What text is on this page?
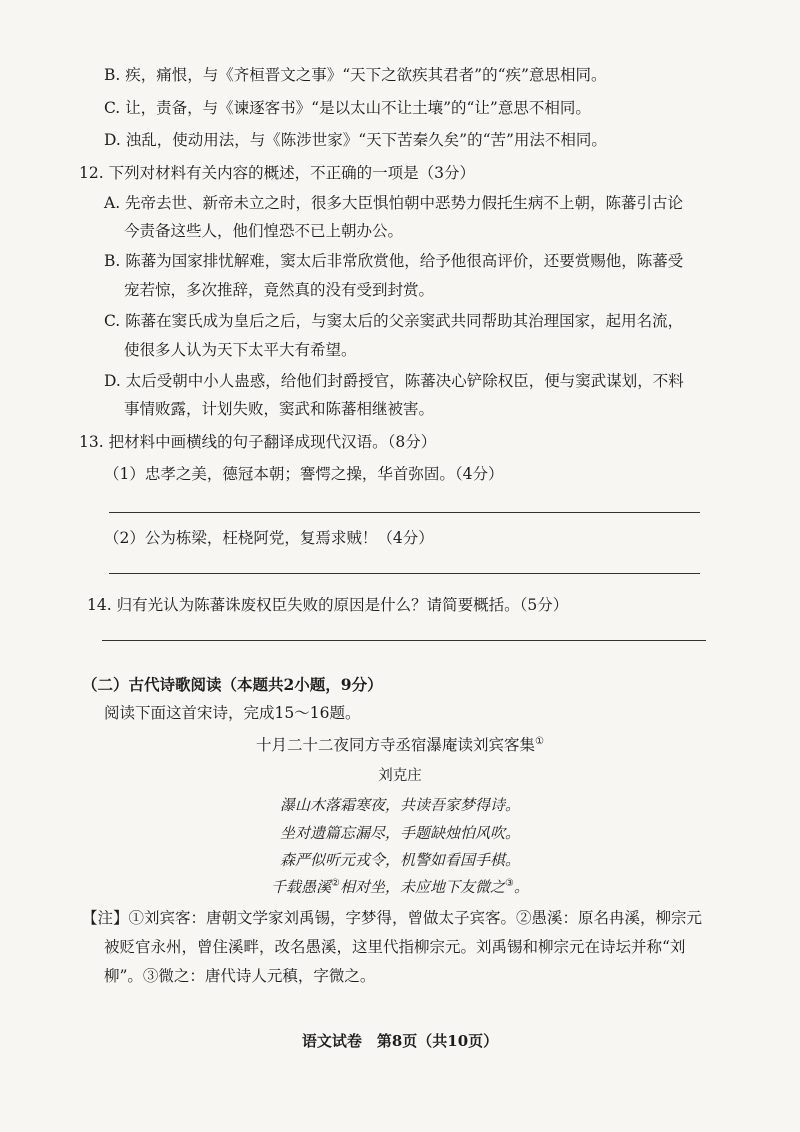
B. 疾，痛恨，与《齐桓晋文之事》“天下之欲疾其君者”的“疾”意思相同。
C. 让，责备，与《谏逐客书》“是以太山不让土壤”的“让”意思不相同。
D. 浊乱，使动用法，与《陈涉世家》“天下苦秦久矣”的“苦”用法不相同。
12. 下列对材料有关内容的概述，不正确的一项是（3分）
A. 先帝去世、新帝未立之时，很多大臣惧怕朝中恶势力假托生病不上朝，陈蕃引古论
今责备这些人，他们惶恐不已上朝办公。
B. 陈蕃为国家排忧解难，窦太后非常欣赏他，给予他很高评价，还要赏赐他，陈蕃受
宠若惊，多次推辞，竟然真的没有受到封赏。
C. 陈蕃在窦氏成为皇后之后，与窦太后的父亲窦武共同帮助其治理国家，起用名流，
使很多人认为天下太平大有希望。
D. 太后受朝中小人蛊惑，给他们封爵授官，陈蕃决心铲除权臣，便与窦武谋划，不料
事情败露，计划失败，窦武和陈蕃相继被害。
13. 把材料中画横线的句子翻译成现代汉语。（8分）
（1）忠孝之美，德冠本朝；謇愕之操，华首弥固。（4分）
（2）公为栋梁，枉桡阿党，复焉求贼！（4分）
14. 归有光认为陈蕃诛废权臣失败的原因是什么？请简要概括。（5分）
（二）古代诗歌阅读（本题共2小题，9分）
阅读下面这首宋诗，完成15～16题。
十月二十二夜同方寺丞宿瀑庵读刘宾客集①
刘克庄
瀑山木落霜寒夜，共读吾家梦得诗。
坐对遗篇忘漏尽，手题缺烛怕风吹。
森严似听元戎令，机警如看国手棋。
千载愚溪②相对坐，未应地下友微之③。
【注】①刘宾客：唐朝文学家刘禹锡，字梦得，曾做太子宾客。②愚溪：原名冉溪，柳宗元
被贬官永州，曾住溪畔，改名愚溪，这里代指柳宗元。刘禹锡和柳宗元在诗坛并称“刘
柳”。③微之：唐代诗人元稹，字微之。
语文试卷　第8页（共10页）
